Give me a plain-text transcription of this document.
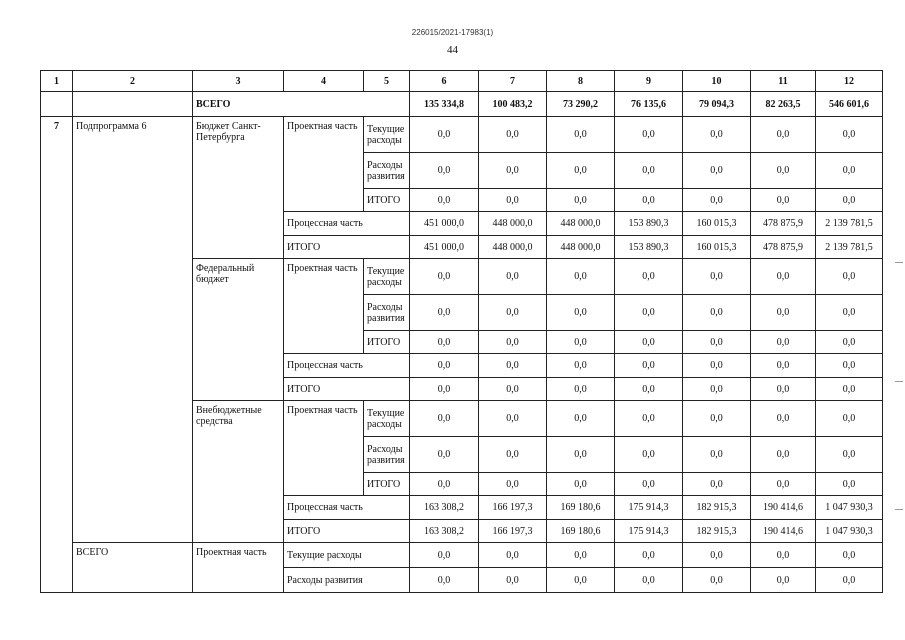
226015/2021-17983(1)
44
1	2	3	4	5	6	7	8	9	10	11	12
		ВСЕГО			135 334,8	100 483,2	73 290,2	76 135,6	79 094,3	82 263,5	546 601,6
7	Подпрограмма 6	Бюджет Санкт-Петербурга	Проектная часть	Текущие расходы	0,0	0,0	0,0	0,0	0,0	0,0	0,0
				Расходы развития	0,0	0,0	0,0	0,0	0,0	0,0	0,0
				ИТОГО	0,0	0,0	0,0	0,0	0,0	0,0	0,0
			Процессная часть		451 000,0	448 000,0	448 000,0	153 890,3	160 015,3	478 875,9	2 139 781,5
			ИТОГО		451 000,0	448 000,0	448 000,0	153 890,3	160 015,3	478 875,9	2 139 781,5
		Федеральный бюджет	Проектная часть	Текущие расходы	0,0	0,0	0,0	0,0	0,0	0,0	0,0
				Расходы развития	0,0	0,0	0,0	0,0	0,0	0,0	0,0
				ИТОГО	0,0	0,0	0,0	0,0	0,0	0,0	0,0
			Процессная часть		0,0	0,0	0,0	0,0	0,0	0,0	0,0
			ИТОГО		0,0	0,0	0,0	0,0	0,0	0,0	0,0
		Внебюджетные средства	Проектная часть	Текущие расходы	0,0	0,0	0,0	0,0	0,0	0,0	0,0
				Расходы развития	0,0	0,0	0,0	0,0	0,0	0,0	0,0
				ИТОГО	0,0	0,0	0,0	0,0	0,0	0,0	0,0
			Процессная часть		163 308,2	166 197,3	169 180,6	175 914,3	182 915,3	190 414,6	1 047 930,3
			ИТОГО		163 308,2	166 197,3	169 180,6	175 914,3	182 915,3	190 414,6	1 047 930,3
	ВСЕГО	Проектная часть	Текущие расходы		0,0	0,0	0,0	0,0	0,0	0,0	0,0
			Расходы развития		0,0	0,0	0,0	0,0	0,0	0,0	0,0
